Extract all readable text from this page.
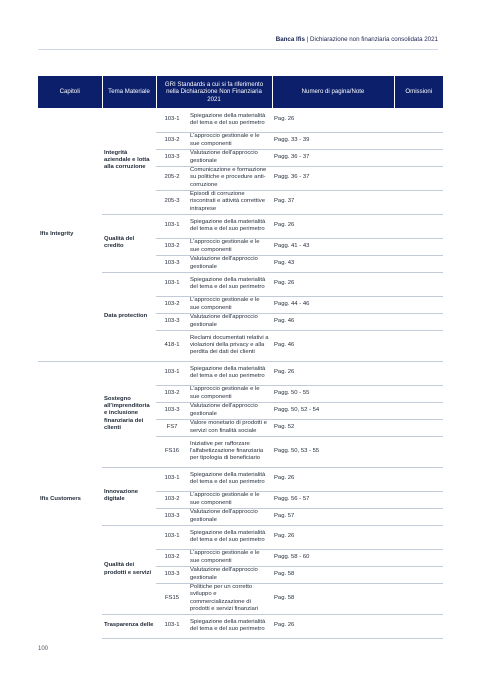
Banca Ifis | Dichiarazione non finanziaria consolidata 2021
Capitoli	Tema Materiale	GRI Standards a cui si fa riferimento nella Dichiarazione Non Finanziaria 2021		Numero di pagina/Note	Omissioni
Ifis Integrity	Integrità aziendale e lotta alla corruzione	103-1	Spiegazione della materialità del tema e del suo perimetro	Pag. 26	
		103-2	L'approccio gestionale e le sue componenti	Pagg. 33 - 39	
		103-3	Valutazione dell'approccio gestionale	Pagg. 36 - 37	
		205-2	Comunicazione e formazione su politiche e procedure anti-corruzione	Pagg. 36 - 37	
		205-3	Episodi di corruzione riscontrati e attività correttive intraprese	Pag. 37	
	Qualità del credito	103-1	Spiegazione della materialità del tema e del suo perimetro	Pag. 26	
		103-2	L'approccio gestionale e le sue componenti	Pagg. 41 - 43	
		103-3	Valutazione dell'approccio gestionale	Pag. 43	
	Data protection	103-1	Spiegazione della materialità del tema e del suo perimetro	Pag. 26	
		103-2	L'approccio gestionale e le sue componenti	Pagg. 44 - 46	
		103-3	Valutazione dell'approccio gestionale	Pag. 46	
		418-1	Reclami documentati relativi a violazioni della privacy e alla perdita dei dati dei clienti	Pag. 46	
Ifis Customers	Sostegno all'imprenditoria e inclusione finanziaria dei clienti	103-1	Spiegazione della materialità del tema e del suo perimetro	Pag. 26	
		103-2	L'approccio gestionale e le sue componenti	Pagg. 50 - 55	
		103-3	Valutazione dell'approccio gestionale	Pagg. 50, 52 - 54	
		FS7	Valore monetario di prodotti e servizi con finalità sociale	Pag. 52	
		FS16	Iniziative per rafforzare l'alfabetizzazione finanziaria per tipologia di beneficiario	Pagg. 50, 53 - 55	
	Innovazione digitale	103-1	Spiegazione della materialità del tema e del suo perimetro	Pag. 26	
		103-2	L'approccio gestionale e le sue componenti	Pagg. 56 - 57	
		103-3	Valutazione dell'approccio gestionale	Pag. 57	
	Qualità dei prodotti e servizi	103-1	Spiegazione della materialità del tema e del suo perimetro	Pag. 26	
		103-2	L'approccio gestionale e le sue componenti	Pagg. 58 - 60	
		103-3	Valutazione dell'approccio gestionale	Pag. 58	
		FS15	Politiche per un corretto sviluppo e commercializzazione di prodotti e servizi finanziari	Pag. 58	
	Trasparenza delle	103-1	Spiegazione della materialità del tema e del suo perimetro	Pag. 26	
100
